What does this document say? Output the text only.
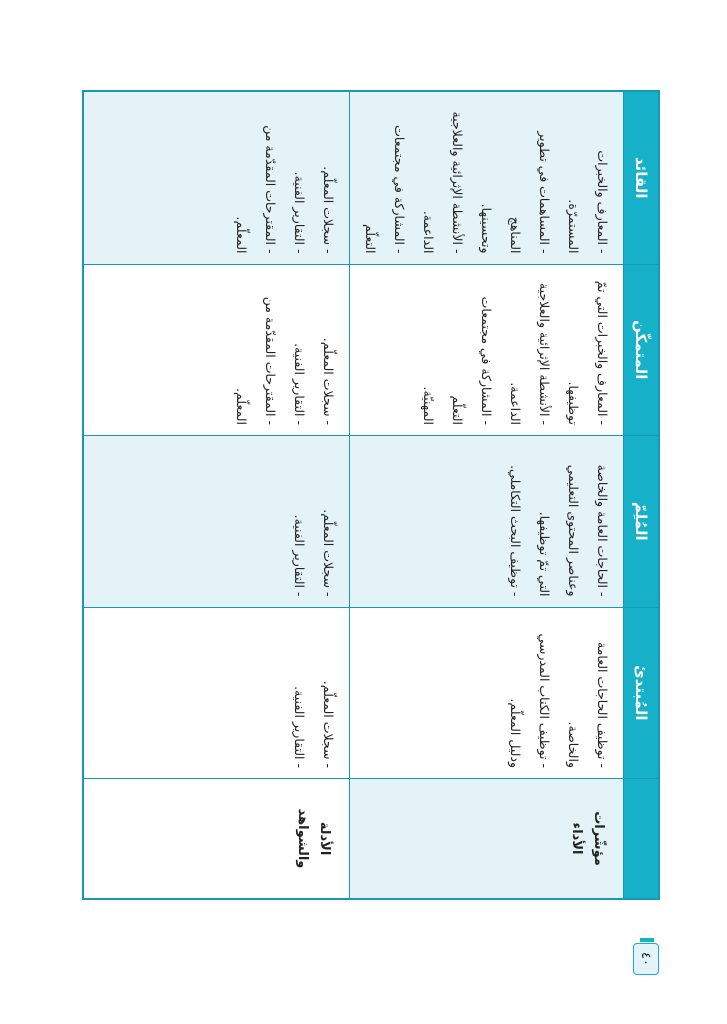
المُبتدئ
المُلِمّ
المتمكّن
القائد
مؤشّرات
الأداء
- توظيف الحاجات العامة
والخاصة.
- توظيف الكتاب المدرسي
ودليل المعلّم.
- الحاجات العامة والخاصة
وعناصر المحتوى التعليمي
التي تمّ توظيفها.
- توظيف البحث التكاملي.
- المعارف والخبرات التي تمّ
توظيفها.
- الأنشطة الإثرائية والعلاجية
الداعمة.
- المشاركة في مجتمعات التعلّم
المهنيّة.
- المعارف والخبرات المستمرّة.
- المساهمات في تطوير المناهج
وتحسينها.
- الأنشطة الإثرائية والعلاجية
الداعمة.
- المشاركة في مجتمعات التعلّم
الأدلة
والشواهد
- سجلات المعلّم.
- التقارير الفنية.
- سجلات المعلّم.
- التقارير الفنية.
- سجلات المعلّم.
- التقارير الفنية.
- المقترحات المقدّمة من المعلّم.
- سجلات المعلّم.
- التقارير الفنية.
- المقترحات المقدّمة من المعلّم.
٤٠
